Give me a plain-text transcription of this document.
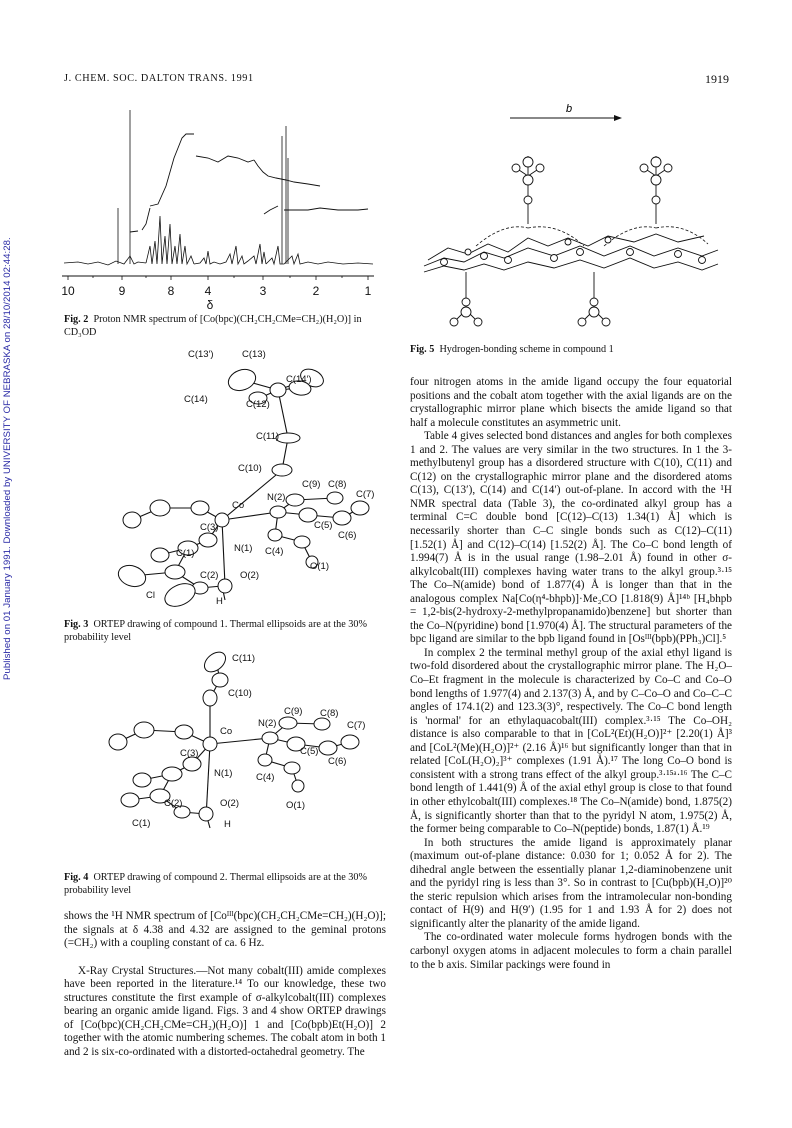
Published on 01 January 1991. Downloaded by UNIVERSITY OF NEBRASKA on 28/10/2014 02:44:28.
J. CHEM. SOC. DALTON TRANS. 1991	1919
10	9	8	4	3	2	1
δ
Fig. 2 Proton NMR spectrum of [Co(bpc)(CH₂CH₂CMe=CH₂)(H₂O)] in CD₃OD
C(13′)	C(13)
C(14′)
C(14)	C(12)
C(11)
C(10)
C(9) C(8)
C(7)
N(2)
Co
C(3)	C(5)
C(6)
C(1)	N(1) C(4)
O(1)
C(2) O(2)
Cl
H
Fig. 3 ORTEP drawing of compound 1. Thermal ellipsoids are at the 30% probability level
C(11)
C(10)
C(9) C(8)
N(2)	C(7)
Co
C(3)	C(5)
C(6)
N(1) C(4)
C(2)	O(2)	O(1)
C(1)	H
Fig. 4 ORTEP drawing of compound 2. Thermal ellipsoids are at the 30% probability level

shows the ¹H NMR spectrum of [Coᴵᴵᴵ(bpc)(CH₂CH₂CMe=CH₂)(H₂O)]; the signals at δ 4.38 and 4.32 are assigned to the geminal protons (=CH₂) with a coupling constant of ca. 6 Hz.

X-Ray Crystal Structures.—Not many cobalt(III) amide complexes have been reported in the literature.¹⁴ To our knowledge, these two structures constitute the first example of σ-alkylcobalt(III) complexes bearing an organic amide ligand. Figs. 3 and 4 show ORTEP drawings of [Co(bpc)(CH₂CH₂CMe=CH₂)(H₂O)] 1 and [Co(bpb)Et(H₂O)] 2 together with the atomic numbering schemes. The cobalt atom in both 1 and 2 is six-co-ordinated with a distorted-octahedral geometry. The

b
Fig. 5 Hydrogen-bonding scheme in compound 1

four nitrogen atoms in the amide ligand occupy the four equatorial positions and the cobalt atom together with the axial ligands are on the crystallographic mirror plane which bisects the amide ligand so that half a molecule constitutes an asymmetric unit.

Table 4 gives selected bond distances and angles for both complexes 1 and 2. The values are very similar in the two structures. In 1 the 3-methylbutenyl group has a disordered structure with C(10), C(11) and C(12) on the crystallographic mirror plane and the disordered atoms C(13), C(13′), C(14) and C(14′) out-of-plane. In accord with the ¹H NMR spectral data (Table 3), the co-ordinated alkyl group has a terminal C=C double bond [C(12)–C(13) 1.34(1) Å] which is necessarily shorter than C–C single bonds such as C(12)–C(11) [1.52(1) Å] and C(12)–C(14) [1.52(2) Å]. The Co–C bond length of 1.994(7) Å is in the usual range (1.98–2.01 Å) found in other σ-alkylcobalt(III) complexes having water trans to the alkyl group.³·¹⁵ The Co–N(amide) bond of 1.877(4) Å is longer than that in the analogous complex Na[Co(η⁴-bhpb)]·Me₂CO [1.818(9) Å]¹⁴ᵇ [H₄bhpb = 1,2-bis(2-hydroxy-2-methylpropanamido)benzene] but shorter than the Co–N(pyridine) bond [1.970(4) Å]. The structural parameters of the bpc ligand are similar to the bpb ligand found in [Osᴵᴵᴵ(bpb)(PPh₃)Cl].⁵

In complex 2 the terminal methyl group of the axial ethyl ligand is two-fold disordered about the crystallographic mirror plane. The H₂O–Co–Et fragment in the molecule is characterized by Co–C and Co–O bond lengths of 1.977(4) and 2.137(3) Å, and by C–Co–O and Co–C–C angles of 174.1(2) and 123.3(3)°, respectively. The Co–C bond length is 'normal' for an ethylaquacobalt(III) complex.³·¹⁵ The Co–OH₂ distance is also comparable to that in [CoL²(Et)(H₂O)]²⁺ [2.20(1) Å]³ and [CoL²(Me)(H₂O)]²⁺ (2.16 Å)¹⁶ but significantly longer than that in related [CoL(H₂O)₂]³⁺ complexes (1.91 Å).¹⁷ The long Co–O bond is consistent with a strong trans effect of the alkyl group.³·¹⁵ᵃ·¹⁶ The C–C bond length of 1.441(9) Å of the axial ethyl group is close to that found in other ethylcobalt(III) complexes.¹⁸ The Co–N(amide) bond, 1.875(2) Å, is significantly shorter than that to the pyridyl N atom, 1.975(2) Å, the former being comparable to Co–N(peptide) bonds, 1.87(1) Å.¹⁹

In both structures the amide ligand is approximately planar (maximum out-of-plane distance: 0.030 for 1; 0.052 Å for 2). The dihedral angle between the essentially planar 1,2-diaminobenzene unit and the pyridyl ring is less than 3°. So in contrast to [Cu(bpb)(H₂O)]²⁰ the steric repulsion which arises from the intramolecular non-bonding contact of H(9) and H(9′) (1.95 for 1 and 1.93 Å for 2) does not significantly alter the planarity of the amide ligand.

The co-ordinated water molecule forms hydrogen bonds with the carbonyl oxygen atoms in adjacent molecules to form a chain parallel to the b axis. Similar packings were found in
